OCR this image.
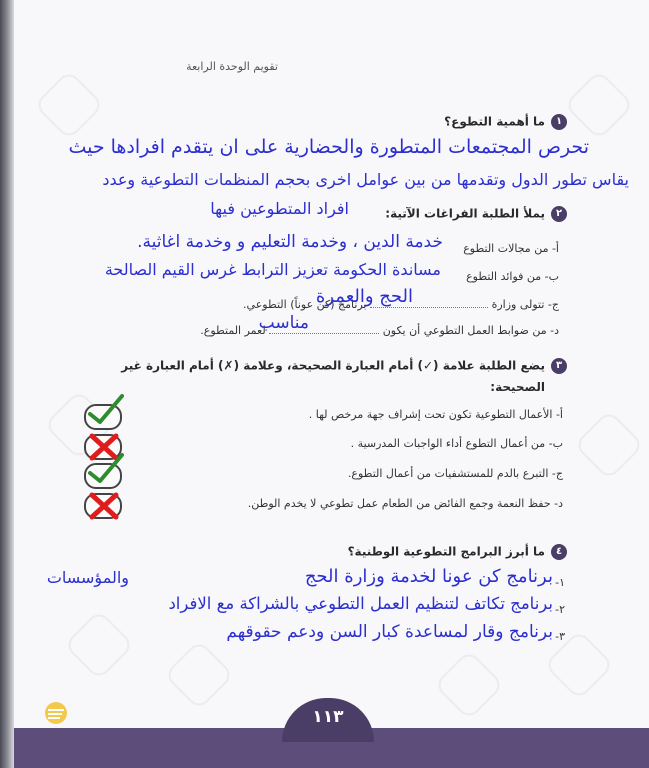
تقويم الوحدة الرابعة
١ما أهمية التطوع؟
تحرص المجتمعات المتطورة والحضارية على ان يتقدم افرادها حيث
يقاس تطور الدول وتقدمها من بين عوامل اخرى بحجم المنظمات التطوعية وعدد
افراد المتطوعين فيها	٢يملأ الطلبة الفراغات الآتية:
أ- من مجالات التطوع
خدمة الدين ، وخدمة التعليم و وخدمة اغاثية.
ب- من فوائد التطوع
مساندة الحكومة تعزيز الترابط غرس القيم الصالحة
ج- تتولى وزارة  برنامج (كن عوناً) التطوعي.
الحج والعمرة
د- من ضوابط العمل التطوعي أن يكون  لعمر المتطوع.
مناسب
٣يضع الطلبة علامة (✓) أمام العبارة الصحيحة، وعلامة (✗) أمام العبارة غير
الصحيحة:
أ- الأعمال التطوعية تكون تحت إشراف جهة مرخص لها .
ب- من أعمال التطوع أداء الواجبات المدرسية .
ج- التبرع بالدم للمستشفيات من أعمال التطوع.
د- حفظ النعمة وجمع الفائض من الطعام عمل تطوعي لا يخدم الوطن.
٤ما أبرز البرامج التطوعية الوطنية؟
١-
برنامج كن عونا لخدمة وزارة الحج
والمؤسسات
٢-
برنامج تكاتف لتنظيم العمل التطوعي بالشراكة مع الافراد
٣-
برنامج وقار لمساعدة كبار السن ودعم حقوقهم
١١٣
